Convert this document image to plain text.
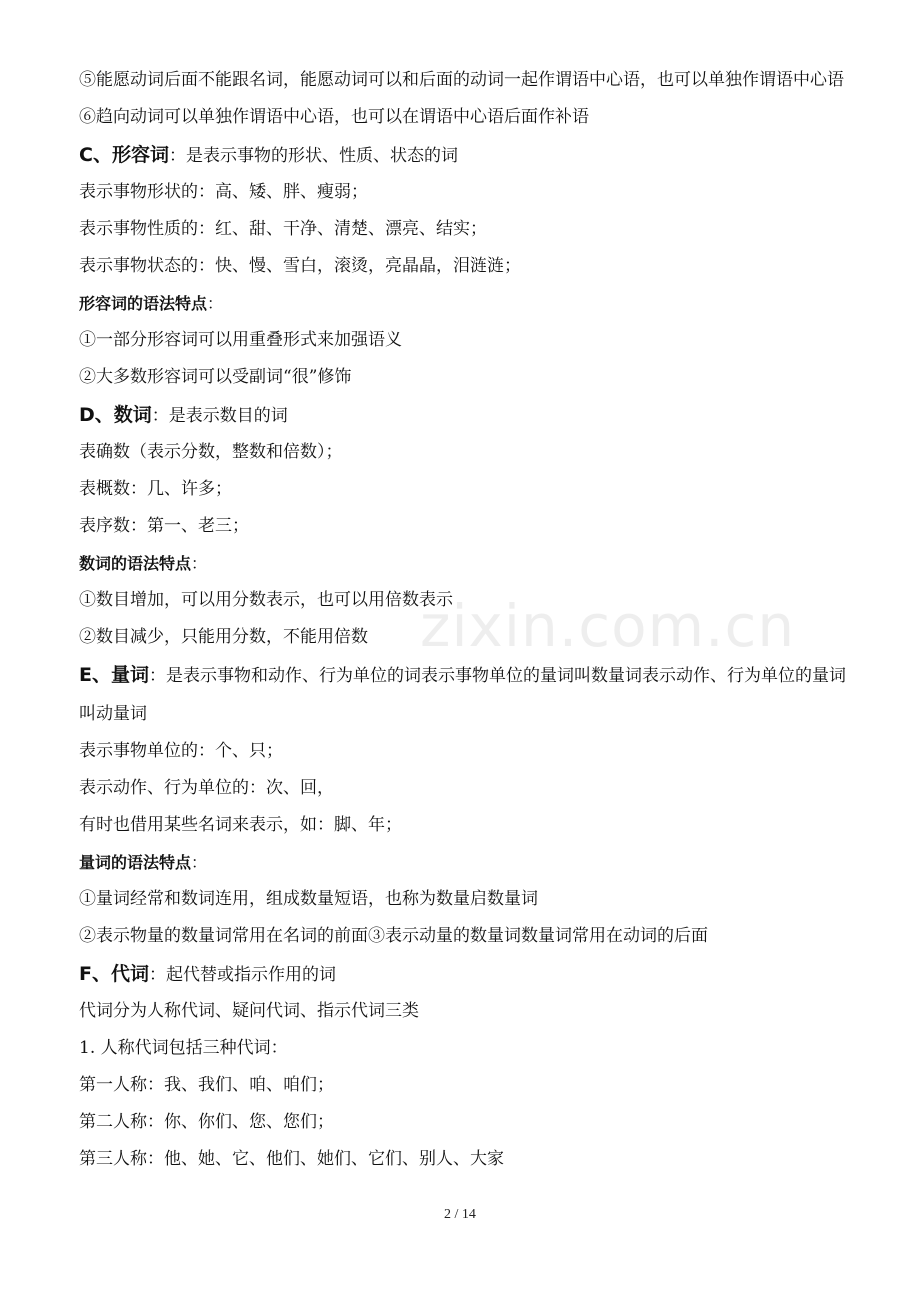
zixin.com.cn
⑤能愿动词后面不能跟名词，能愿动词可以和后面的动词一起作谓语中心语，也可以单独作谓语中心语
⑥趋向动词可以单独作谓语中心语，也可以在谓语中心语后面作补语
C、形容词：是表示事物的形状、性质、状态的词
表示事物形状的：高、矮、胖、瘦弱；
表示事物性质的：红、甜、干净、清楚、漂亮、结实；
表示事物状态的：快、慢、雪白，滚烫，亮晶晶，泪涟涟；
形容词的语法特点：
①一部分形容词可以用重叠形式来加强语义
②大多数形容词可以受副词“很”修饰
D、数词：是表示数目的词
表确数（表示分数，整数和倍数）；
表概数：几、许多；
表序数：第一、老三；
数词的语法特点：
①数目增加，可以用分数表示，也可以用倍数表示
②数目减少，只能用分数，不能用倍数
E、量词：是表示事物和动作、行为单位的词表示事物单位的量词叫数量词表示动作、行为单位的量词叫动量词
表示事物单位的：个、只；
表示动作、行为单位的：次、回，
有时也借用某些名词来表示，如：脚、年；
量词的语法特点：
①量词经常和数词连用，组成数量短语，也称为数量启数量词
②表示物量的数量词常用在名词的前面③表示动量的数量词数量词常用在动词的后面
F、代词：起代替或指示作用的词
代词分为人称代词、疑问代词、指示代词三类
1. 人称代词包括三种代词：
第一人称：我、我们、咱、咱们；
第二人称：你、你们、您、您们；
第三人称：他、她、它、他们、她们、它们、别人、大家
2 / 14
